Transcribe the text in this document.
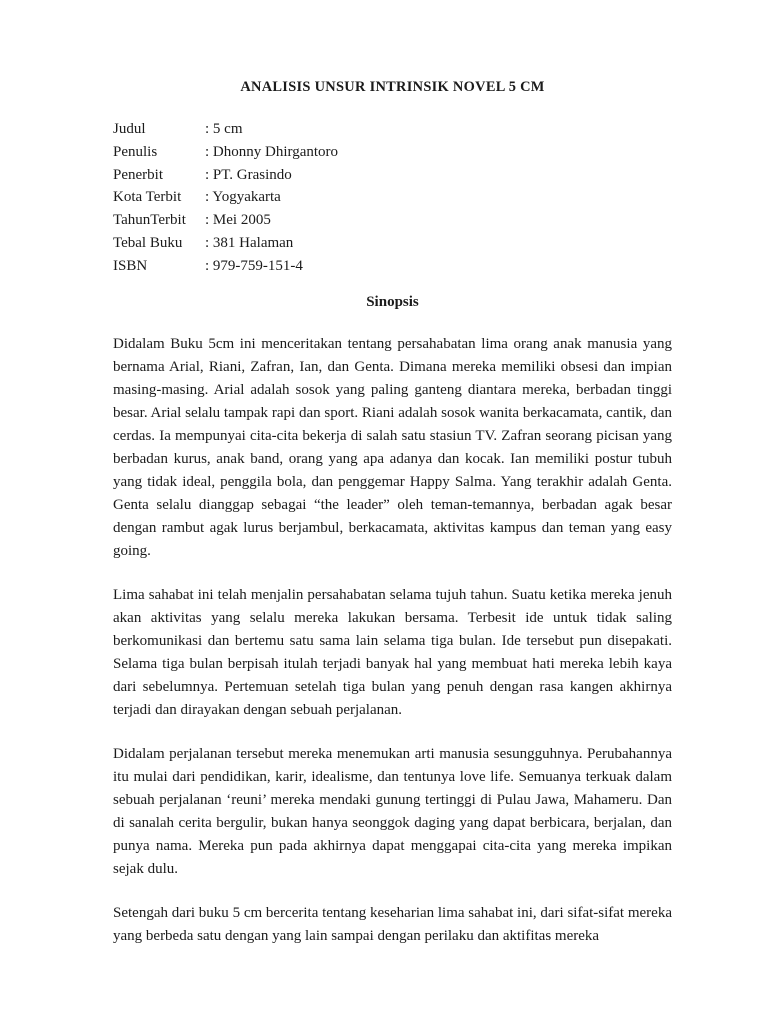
ANALISIS UNSUR INTRINSIK NOVEL 5 CM
Judul	: 5 cm
Penulis	: Dhonny Dhirgantoro
Penerbit	: PT. Grasindo
Kota Terbit	: Yogyakarta
TahunTerbit	: Mei 2005
Tebal Buku	: 381 Halaman
ISBN	: 979-759-151-4
Sinopsis

Didalam Buku 5cm ini menceritakan tentang persahabatan lima orang anak manusia yang bernama Arial, Riani, Zafran, Ian, dan Genta. Dimana mereka memiliki obsesi dan impian masing-masing. Arial adalah sosok yang paling ganteng diantara mereka, berbadan tinggi besar. Arial selalu tampak rapi dan sport. Riani adalah sosok wanita berkacamata, cantik, dan cerdas. Ia mempunyai cita-cita bekerja di salah satu stasiun TV. Zafran seorang picisan yang berbadan kurus, anak band, orang yang apa adanya dan kocak. Ian memiliki postur tubuh yang tidak ideal, penggila bola, dan penggemar Happy Salma. Yang terakhir adalah Genta. Genta selalu dianggap sebagai “the leader” oleh teman-temannya, berbadan agak besar dengan rambut agak lurus berjambul, berkacamata, aktivitas kampus dan teman yang easy going.

Lima sahabat ini telah menjalin persahabatan selama tujuh tahun. Suatu ketika mereka jenuh akan aktivitas yang selalu mereka lakukan bersama. Terbesit ide untuk tidak saling berkomunikasi dan bertemu satu sama lain selama tiga bulan. Ide tersebut pun disepakati. Selama tiga bulan berpisah itulah terjadi banyak hal yang membuat hati mereka lebih kaya dari sebelumnya. Pertemuan setelah tiga bulan yang penuh dengan rasa kangen akhirnya terjadi dan dirayakan dengan sebuah perjalanan.

Didalam perjalanan tersebut mereka menemukan arti manusia sesungguhnya. Perubahannya itu mulai dari pendidikan, karir, idealisme, dan tentunya love life. Semuanya terkuak dalam sebuah perjalanan ‘reuni’ mereka mendaki gunung tertinggi di Pulau Jawa, Mahameru. Dan di sanalah cerita bergulir, bukan hanya seonggok daging yang dapat berbicara, berjalan, dan punya nama. Mereka pun pada akhirnya dapat menggapai cita-cita yang mereka impikan sejak dulu.

Setengah dari buku 5 cm bercerita tentang keseharian lima sahabat ini, dari sifat-sifat mereka yang berbeda satu dengan yang lain sampai dengan perilaku dan aktifitas mereka
